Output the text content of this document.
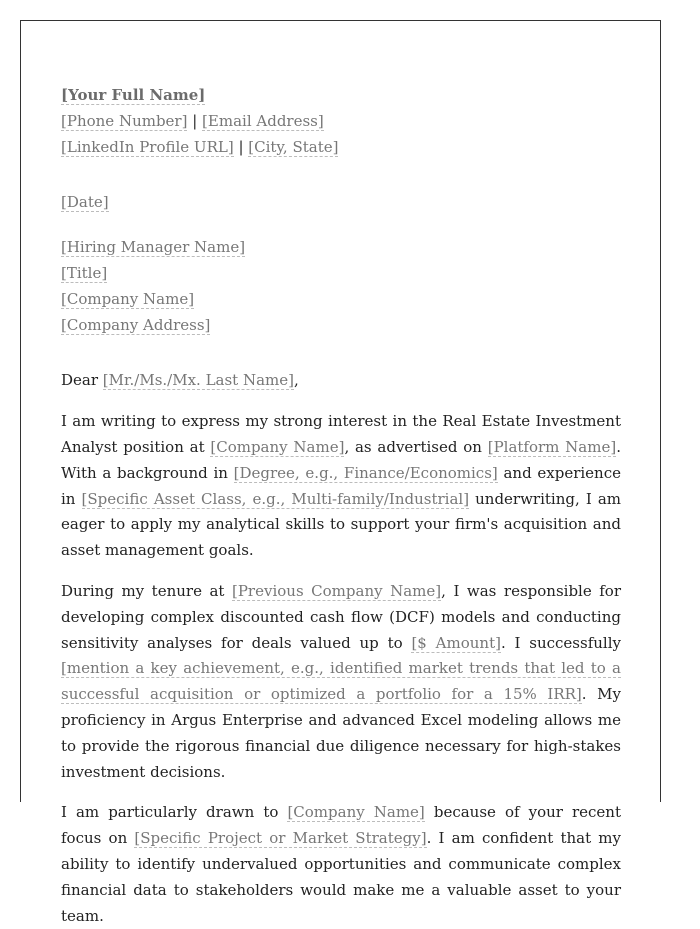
[Your Full Name]

[Phone Number] | [Email Address]

[LinkedIn Profile URL] | [City, State]

[Date]

[Hiring Manager Name]

[Title]

[Company Name]

[Company Address]

Dear [Mr./Ms./Mx. Last Name],

I am writing to express my strong interest in the Real Estate Investment Analyst position at [Company Name], as advertised on [Platform Name]. With a background in [Degree, e.g., Finance/Economics] and experience in [Specific Asset Class, e.g., Multi-family/Industrial] underwriting, I am eager to apply my analytical skills to support your firm's acquisition and asset management goals.

During my tenure at [Previous Company Name], I was responsible for developing complex discounted cash flow (DCF) models and conducting sensitivity analyses for deals valued up to [$ Amount]. I successfully [mention a key achievement, e.g., identified market trends that led to a successful acquisition or optimized a portfolio for a 15% IRR]. My proficiency in Argus Enterprise and advanced Excel modeling allows me to provide the rigorous financial due diligence necessary for high-stakes investment decisions.

I am particularly drawn to [Company Name] because of your recent focus on [Specific Project or Market Strategy]. I am confident that my ability to identify undervalued opportunities and communicate complex financial data to stakeholders would make me a valuable asset to your team.
